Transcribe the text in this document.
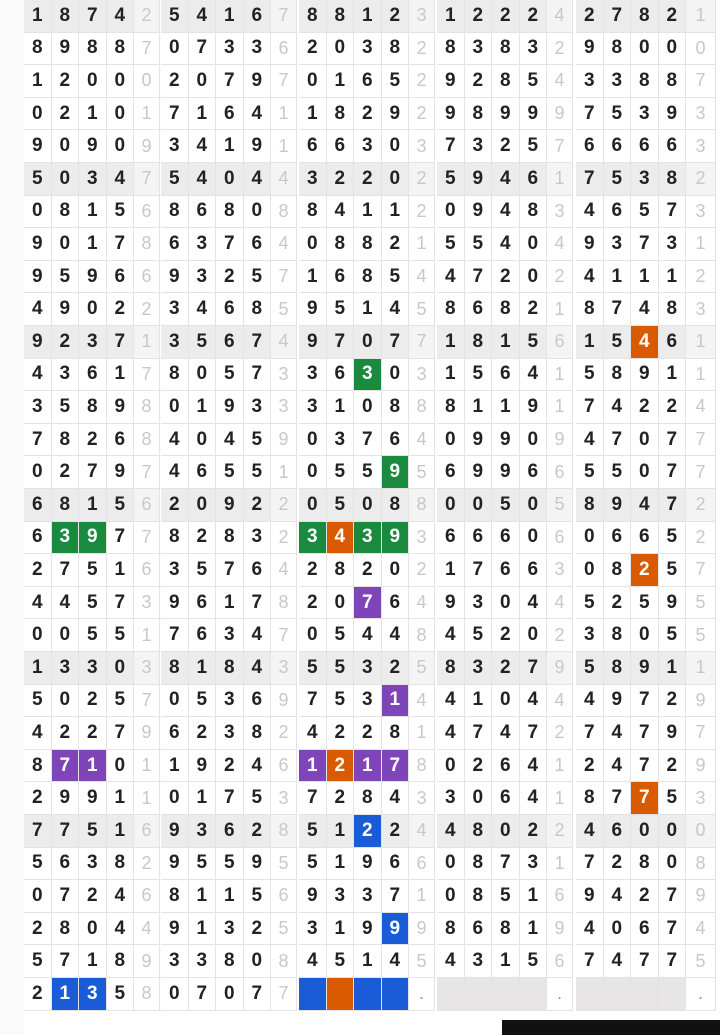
1 8 7 4 2 5 4 1 6 7 8 8 1 2 3 1 2 2 2 4	2 7 8 2	1
8 9 8 8 7 0 7 3 3 6 2 0 3 8 2 8 3 8 3 2	9 8 0 0	0
1 2 0 0 0 2 0 7 9 7 0 1 6 5 2 9 2 8 5 4	3 3 8 8	7
0 2 1 0 1 7 1 6 4 1 1 8 2 9 2 9 8 9 9 9	7 5 3 9	3
9 0 9 0 9 3 4 1 9 1 6 6 3 0 3 7 3 2 5 7	6 6 6 6	3
5 0 3 4 7 5 4 0 4 4 3 2 2 0 2 5 9 4 6 1	7 5 3 8	2
0 8 1 5 6 8 6 8 0 8 8 4 1 1 2 0 9 4 8 3	4 6 5 7	3
9 0 1 7 8 6 3 7 6 4 0 8 8 2 1 5 5 4 0 4	9 3 7 3	1
9 5 9 6 6 9 3 2 5 7 1 6 8 5 4 4 7 2 0 2	4 1 1 1	2
4 9 0 2 2 3 4 6 8 5 9 5 1 4 5 8 6 8 2 1	8 7 4 8	3
9 2 3 7 1 3 5 6 7 4 9 7 0 7 7 1 8 1 5 6	1 5 4 6	1
4 3 6 1 7 8 0 5 7 3 3 6 3 0 3 1 5 6 4 1	5 8 9 1	1
3 5 8 9 8 0 1 9 3 3 3 1 0 8 8 8 1 1 9 1	7 4 2 2	4
7 8 2 6 8 4 0 4 5 9 0 3 7 6 4 0 9 9 0 9	4 7 0 7	7
0 2 7 9 7 4 6 5 5 1 0 5 5 9 5 6 9 9 6 6	5 5 0 7	7
6 8 1 5 6 2 0 9 2 2 0 5 0 8 8 0 0 5 0 5	8 9 4 7	2
6 3 9 7 7 8 2 8 3 2 3 4 3 9 3 6 6 6 0 6	0 6 6 5	2
2 7 5 1 6 3 5 7 6 4 2 8 2 0 2 1 7 6 6 3	0 8 2 5	7
4 4 5 7 3 9 6 1 7 8 2 0 7 6 4 9 3 0 4 4	5 2 5 9	5
0 0 5 5 1 7 6 3 4 7 0 5 4 4 8 4 5 2 0 2	3 8 0 5	5
1 3 3 0 3 8 1 8 4 3 5 5 3 2 5 8 3 2 7 9	5 8 9 1	1
5 0 2 5 7 0 5 3 6 9 7 5 3 1 4 4 1 0 4 4	4 9 7 2	9
4 2 2 7 9 6 2 3 8 2 4 2 2 8 1 4 7 4 7 2	7 4 7 9	7
8 7 1 0 1 1 9 2 4 6 1 2 1 7 8 0 2 6 4 1	2 4 7 2	9
2 9 9 1 1 0 1 7 5 3 7 2 8 4 3 3 0 6 4 1	8 7 7 5	3
7 7 5 1 6 9 3 6 2 8 5 1 2 2 4 4 8 0 2 2	4 6 0 0	0
5 6 3 8 2 9 5 5 9 5 5 1 9 6 6 0 8 7 3 1	7 2 8 0	8
0 7 2 4 6 8 1 1 5 6 9 3 3 7 1 0 8 5 1 6	9 4 2 7	9
2 8 0 4 4 9 1 3 2 5 3 1 9 9 9 8 6 8 1 9	4 0 6 7	4
5 7 1 8 9 3 3 8 0 8 4 5 1 4 5 4 3 1 5 6	7 4 7 7	5
2 1 3 5 8 0 7 0 7 7	.	.	.
